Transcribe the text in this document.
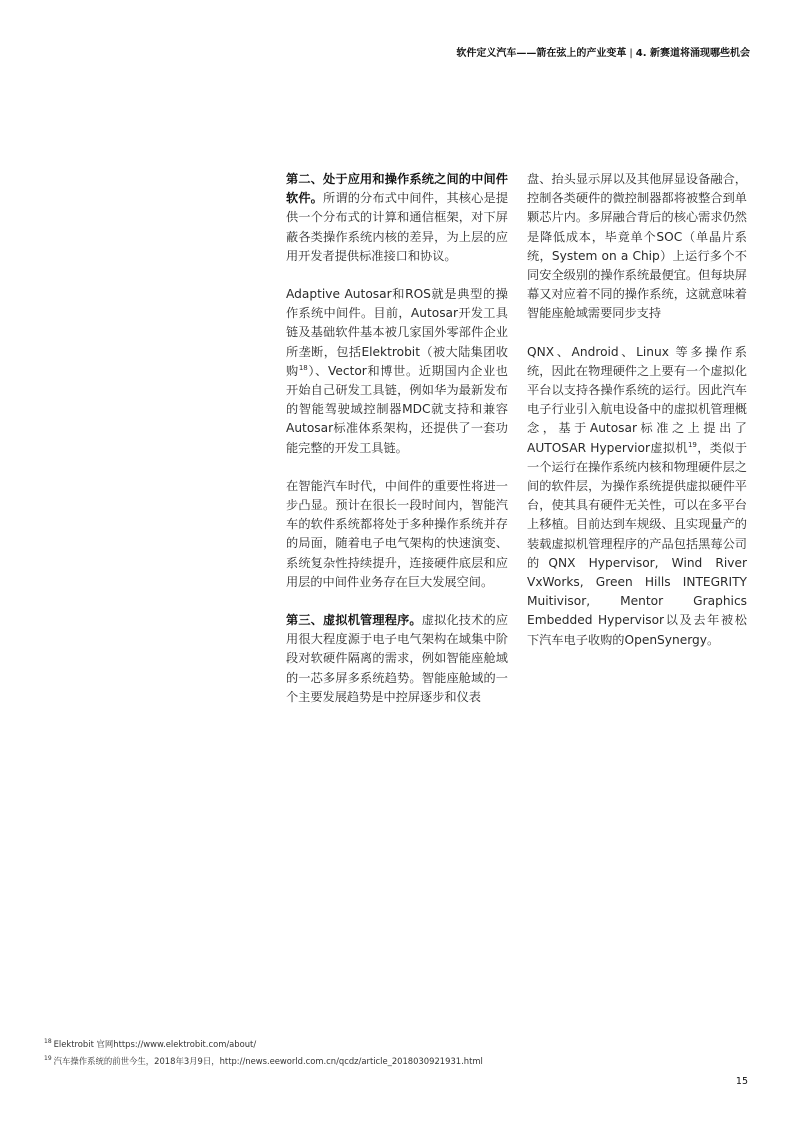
软件定义汽车——箭在弦上的产业变革 | 4. 新赛道将涌现哪些机会

第二、处于应用和操作系统之间的中间件软件。所谓的分布式中间件，其核心是提供一个分布式的计算和通信框架，对下屏蔽各类操作系统内核的差异，为上层的应用开发者提供标准接口和协议。

Adaptive Autosar和ROS就是典型的操作系统中间件。目前，Autosar开发工具链及基础软件基本被几家国外零部件企业所垄断，包括Elektrobit（被大陆集团收购$^{18}$）、Vector和博世。近期国内企业也开始自己研发工具链，例如华为最新发布的智能驾驶域控制器MDC就支持和兼容Autosar标准体系架构，还提供了一套功能完整的开发工具链。

在智能汽车时代，中间件的重要性将进一步凸显。预计在很长一段时间内，智能汽车的软件系统都将处于多种操作系统并存的局面，随着电子电气架构的快速演变、系统复杂性持续提升，连接硬件底层和应用层的中间件业务存在巨大发展空间。

第三、虚拟机管理程序。虚拟化技术的应用很大程度源于电子电气架构在域集中阶段对软硬件隔离的需求，例如智能座舱域的一芯多屏多系统趋势。智能座舱域的一个主要发展趋势是中控屏逐步和仪表

盘、抬头显示屏以及其他屏显设备融合，控制各类硬件的微控制器都将被整合到单颗芯片内。多屏融合背后的核心需求仍然是降低成本，毕竟单个SOC（单晶片系统，System on a Chip）上运行多个不同安全级别的操作系统最便宜。但每块屏幕又对应着不同的操作系统，这就意味着智能座舱域需要同步支持

QNX、Android、Linux 等多操作系统，因此在物理硬件之上要有一个虚拟化平台以支持各操作系统的运行。因此汽车电子行业引入航电设备中的虚拟机管理概念，基于Autosar标准之上提出了AUTOSAR Hypervior虚拟机$^{19}$，类似于一个运行在操作系统内核和物理硬件层之间的软件层，为操作系统提供虚拟硬件平台，使其具有硬件无关性，可以在多平台上移植。目前达到车规级、且实现量产的装载虚拟机管理程序的产品包括黑莓公司的QNX Hypervisor, Wind River VxWorks, Green Hills INTEGRITY Muitivisor, Mentor Graphics Embedded Hypervisor以及去年被松下汽车电子收购的OpenSynergy。

$^{18}$ Elektrobit 官网https://www.elektrobit.com/about/
$^{19}$ 汽车操作系统的前世今生，2018年3月9日，http://news.eeworld.com.cn/qcdz/article_2018030921931.html
15
